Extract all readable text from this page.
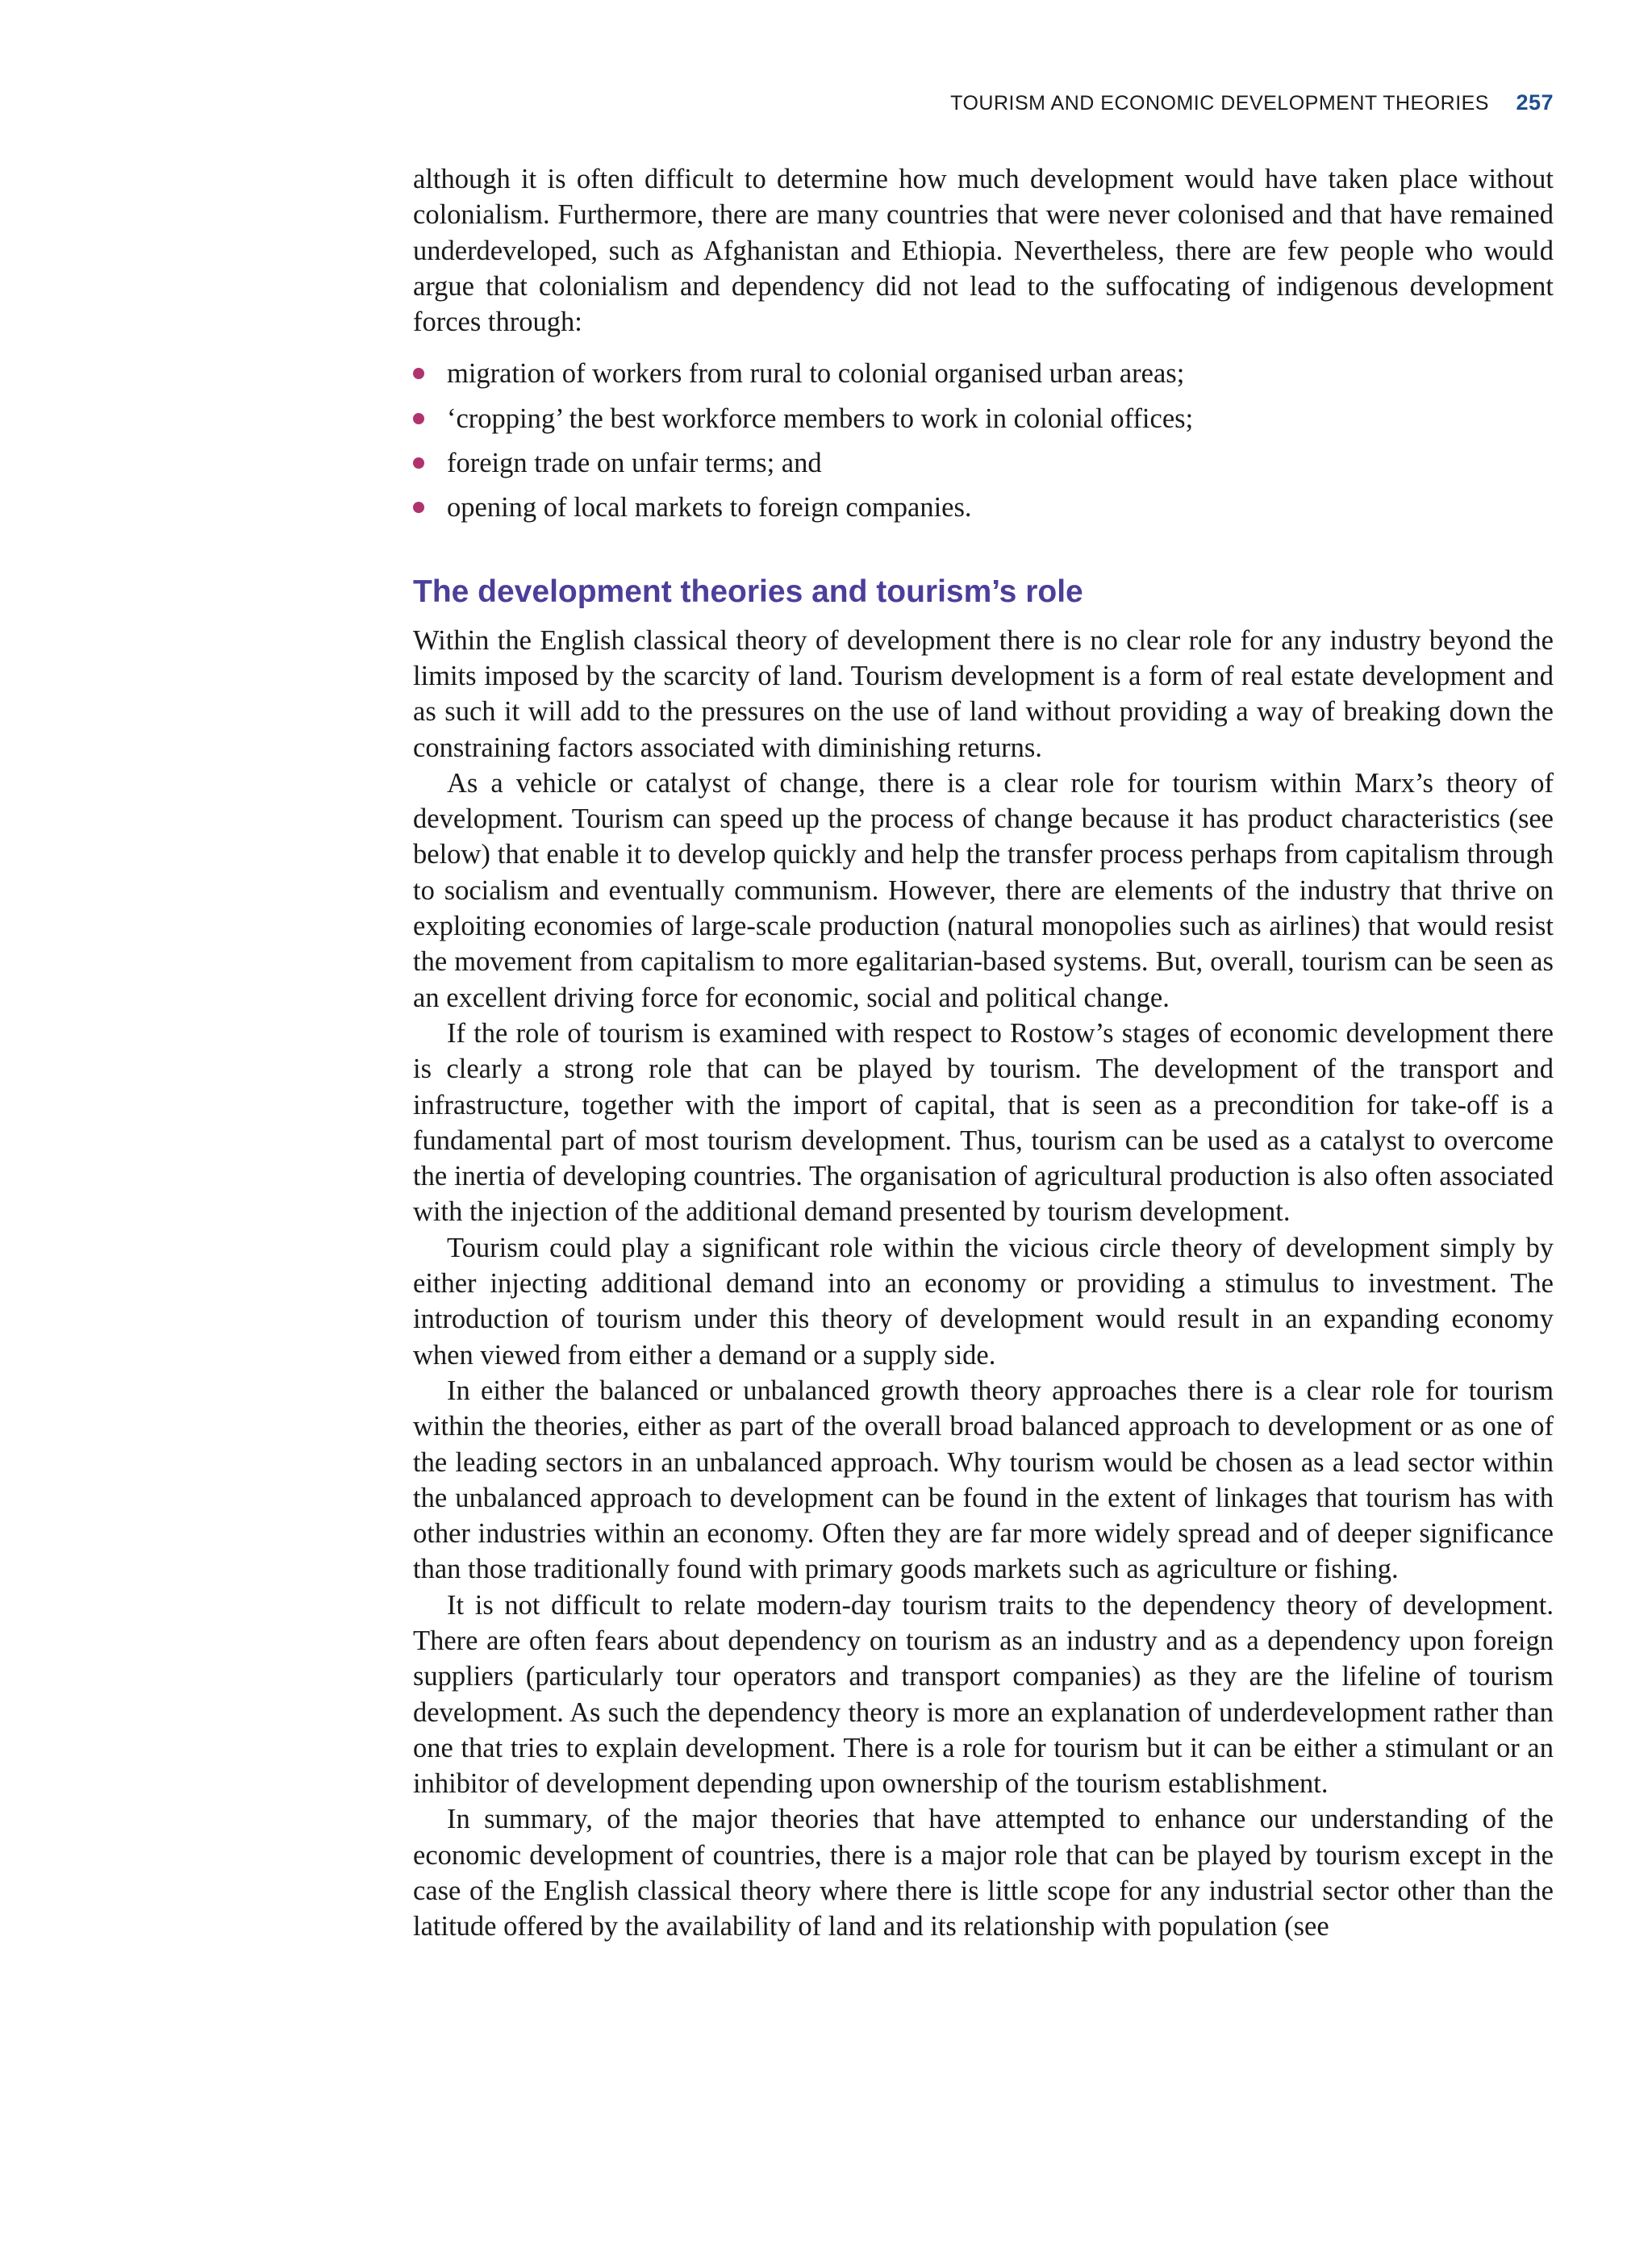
TOURISM AND ECONOMIC DEVELOPMENT THEORIES 257

although it is often difficult to determine how much development would have taken place without colonialism. Furthermore, there are many countries that were never colonised and that have remained underdeveloped, such as Afghanistan and Ethiopia. Nevertheless, there are few people who would argue that colonialism and dependency did not lead to the suffocating of indigenous development forces through:

migration of workers from rural to colonial organised urban areas;
‘cropping’ the best workforce members to work in colonial offices;
foreign trade on unfair terms; and
opening of local markets to foreign companies.
The development theories and tourism’s role

Within the English classical theory of development there is no clear role for any industry beyond the limits imposed by the scarcity of land. Tourism development is a form of real estate development and as such it will add to the pressures on the use of land without providing a way of breaking down the constraining factors associated with diminishing returns.

As a vehicle or catalyst of change, there is a clear role for tourism within Marx’s theory of development. Tourism can speed up the process of change because it has product characteristics (see below) that enable it to develop quickly and help the transfer process perhaps from capitalism through to socialism and eventually communism. However, there are elements of the industry that thrive on exploiting economies of large-scale production (natural monopolies such as airlines) that would resist the movement from capitalism to more egalitarian-based systems. But, overall, tourism can be seen as an excellent driving force for economic, social and political change.

If the role of tourism is examined with respect to Rostow’s stages of economic development there is clearly a strong role that can be played by tourism. The development of the transport and infrastructure, together with the import of capital, that is seen as a precondition for take-off is a fundamental part of most tourism development. Thus, tourism can be used as a catalyst to overcome the inertia of developing countries. The organisation of agricultural production is also often associated with the injection of the additional demand presented by tourism development.

Tourism could play a significant role within the vicious circle theory of development simply by either injecting additional demand into an economy or providing a stimulus to investment. The introduction of tourism under this theory of development would result in an expanding economy when viewed from either a demand or a supply side.

In either the balanced or unbalanced growth theory approaches there is a clear role for tourism within the theories, either as part of the overall broad balanced approach to development or as one of the leading sectors in an unbalanced approach. Why tourism would be chosen as a lead sector within the unbalanced approach to development can be found in the extent of linkages that tourism has with other industries within an economy. Often they are far more widely spread and of deeper significance than those traditionally found with primary goods markets such as agriculture or fishing.

It is not difficult to relate modern-day tourism traits to the dependency theory of development. There are often fears about dependency on tourism as an industry and as a dependency upon foreign suppliers (particularly tour operators and transport companies) as they are the lifeline of tourism development. As such the dependency theory is more an explanation of underdevelopment rather than one that tries to explain development. There is a role for tourism but it can be either a stimulant or an inhibitor of development depending upon ownership of the tourism establishment.

In summary, of the major theories that have attempted to enhance our understanding of the economic development of countries, there is a major role that can be played by tourism except in the case of the English classical theory where there is little scope for any industrial sector other than the latitude offered by the availability of land and its relationship with population (see
